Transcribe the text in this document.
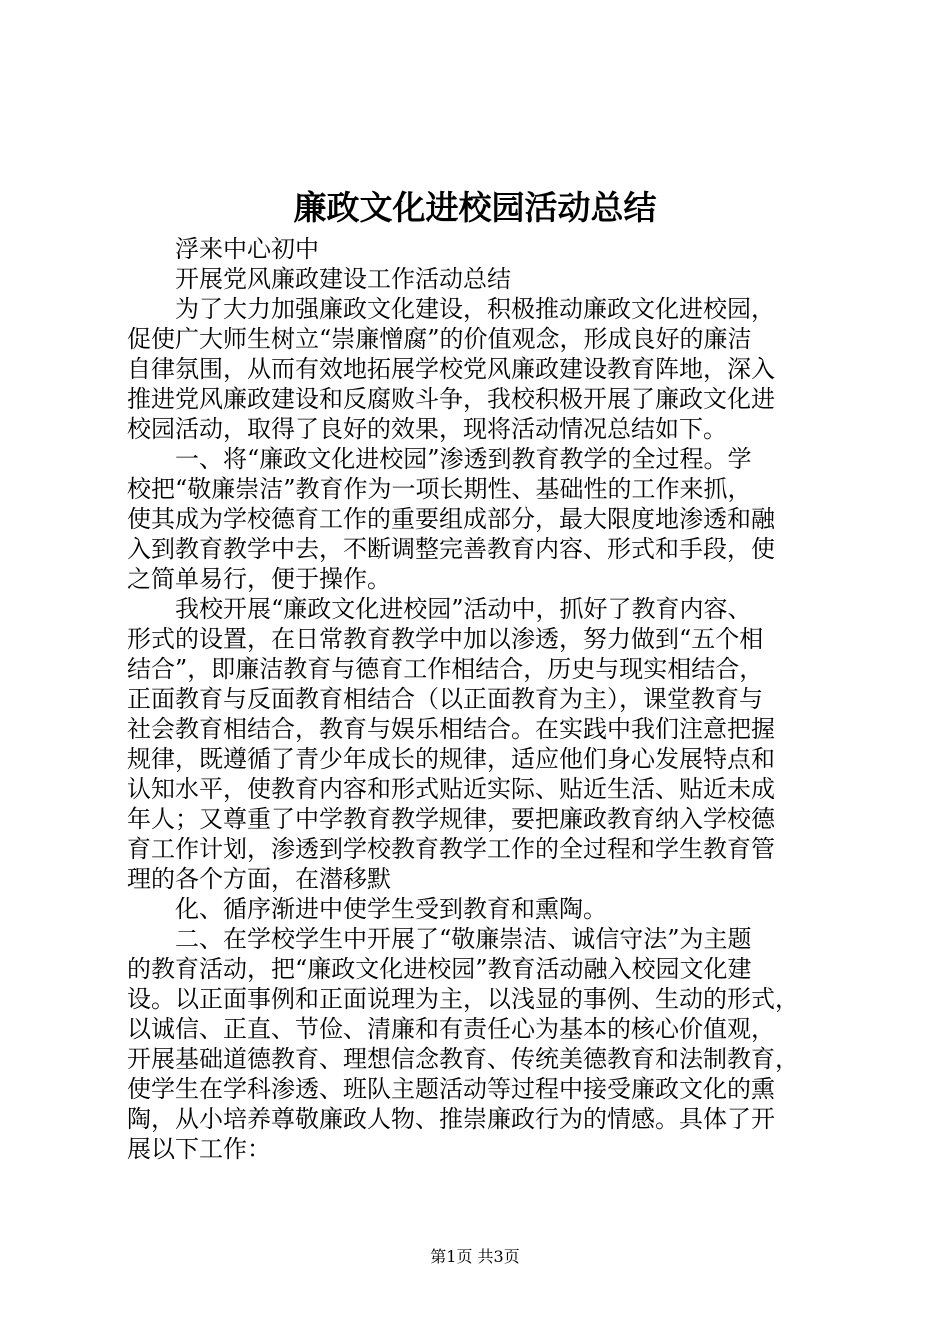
廉政文化进校园活动总结
　　浮来中心初中
　　开展党风廉政建设工作活动总结
　　为了大力加强廉政文化建设，积极推动廉政文化进校园，
促使广大师生树立“崇廉憎腐”的价值观念，形成良好的廉洁
自律氛围，从而有效地拓展学校党风廉政建设教育阵地，深入
推进党风廉政建设和反腐败斗争，我校积极开展了廉政文化进
校园活动，取得了良好的效果，现将活动情况总结如下。
　　一、将“廉政文化进校园”渗透到教育教学的全过程。学
校把“敬廉崇洁”教育作为一项长期性、基础性的工作来抓，
使其成为学校德育工作的重要组成部分，最大限度地渗透和融
入到教育教学中去，不断调整完善教育内容、形式和手段，使
之简单易行，便于操作。
　　我校开展“廉政文化进校园”活动中，抓好了教育内容、
形式的设置，在日常教育教学中加以渗透，努力做到“五个相
结合”，即廉洁教育与德育工作相结合，历史与现实相结合，
正面教育与反面教育相结合（以正面教育为主），课堂教育与
社会教育相结合，教育与娱乐相结合。在实践中我们注意把握
规律，既遵循了青少年成长的规律，适应他们身心发展特点和
认知水平，使教育内容和形式贴近实际、贴近生活、贴近未成
年人；又尊重了中学教育教学规律，要把廉政教育纳入学校德
育工作计划，渗透到学校教育教学工作的全过程和学生教育管
理的各个方面，在潜移默
　　化、循序渐进中使学生受到教育和熏陶。
　　二、在学校学生中开展了“敬廉崇洁、诚信守法”为主题
的教育活动，把“廉政文化进校园”教育活动融入校园文化建
设。以正面事例和正面说理为主，以浅显的事例、生动的形式，
以诚信、正直、节俭、清廉和有责任心为基本的核心价值观，
开展基础道德教育、理想信念教育、传统美德教育和法制教育，
使学生在学科渗透、班队主题活动等过程中接受廉政文化的熏
陶，从小培养尊敬廉政人物、推崇廉政行为的情感。具体了开
展以下工作：
第1页 共3页
